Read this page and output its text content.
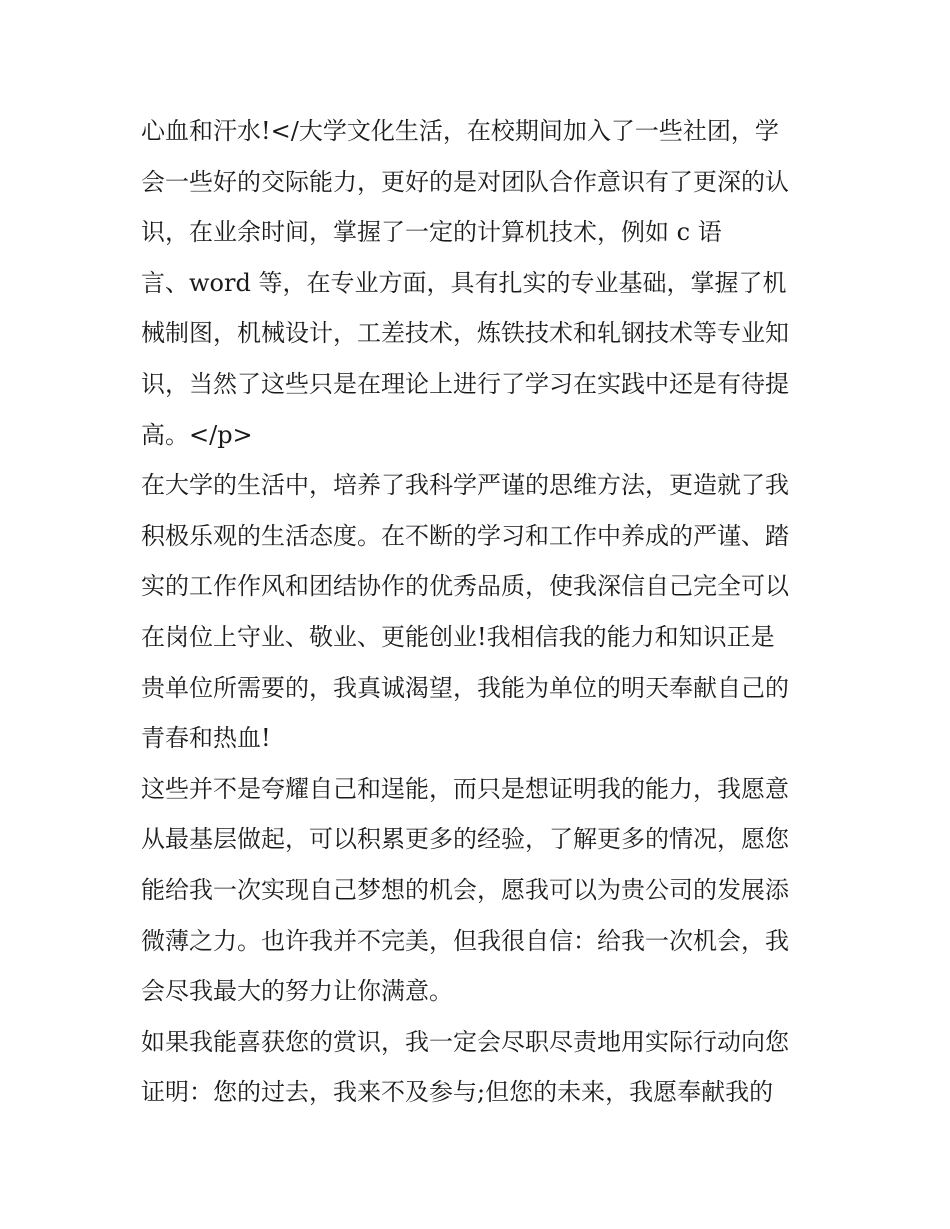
心血和汗水!</大学文化生活，在校期间加入了一些社团，学
会一些好的交际能力，更好的是对团队合作意识有了更深的认
识，在业余时间，掌握了一定的计算机技术，例如 c 语
言、word 等，在专业方面，具有扎实的专业基础，掌握了机
械制图，机械设计，工差技术，炼铁技术和轧钢技术等专业知
识，当然了这些只是在理论上进行了学习在实践中还是有待提
高。</p>
在大学的生活中，培养了我科学严谨的思维方法，更造就了我
积极乐观的生活态度。在不断的学习和工作中养成的严谨、踏
实的工作作风和团结协作的优秀品质，使我深信自己完全可以
在岗位上守业、敬业、更能创业!我相信我的能力和知识正是
贵单位所需要的，我真诚渴望，我能为单位的明天奉献自己的
青春和热血!
这些并不是夸耀自己和逞能，而只是想证明我的能力，我愿意
从最基层做起，可以积累更多的经验，了解更多的情况，愿您
能给我一次实现自己梦想的机会，愿我可以为贵公司的发展添
微薄之力。也许我并不完美，但我很自信：给我一次机会，我
会尽我最大的努力让你满意。
如果我能喜获您的赏识，我一定会尽职尽责地用实际行动向您
证明：您的过去，我来不及参与;但您的未来，我愿奉献我的
